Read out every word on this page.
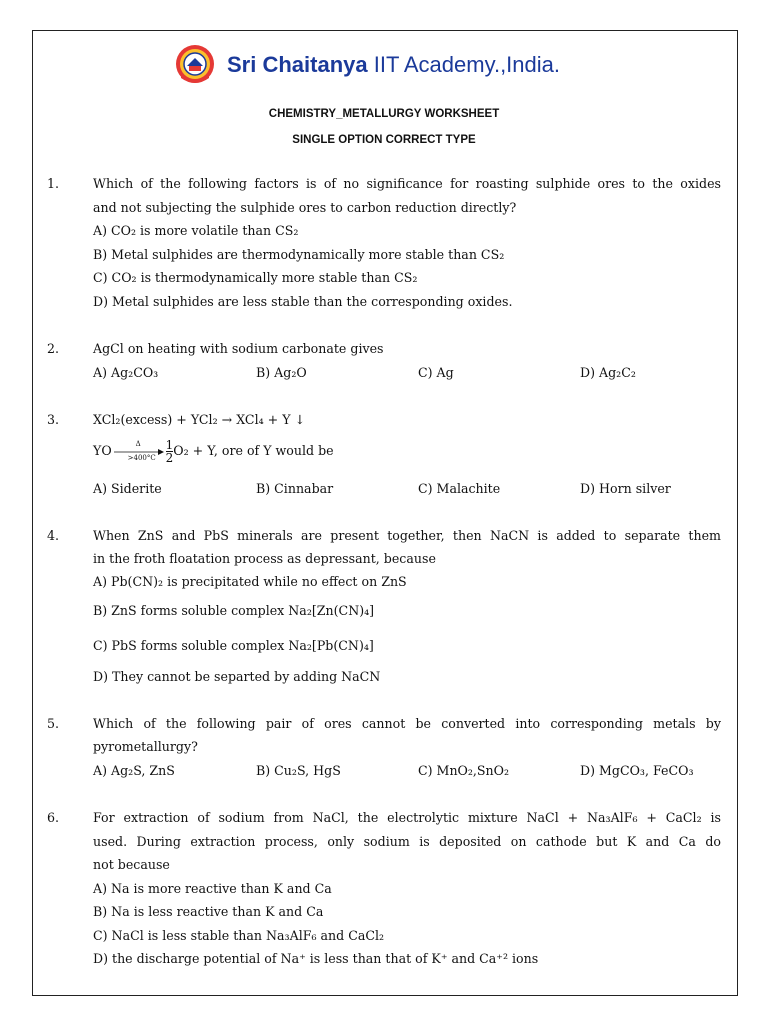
Sri Chaitanya IIT Academy.,India.
CHEMISTRY_METALLURGY WORKSHEET
SINGLE OPTION CORRECT TYPE
1.	Which of the following factors is of no significance for roasting sulphide ores to the oxides
and not subjecting the sulphide ores to carbon reduction directly?
A) CO₂ is more volatile than CS₂
B) Metal sulphides are thermodynamically more stable than CS₂
C) CO₂ is thermodynamically more stable than CS₂
D) Metal sulphides are less stable than the corresponding oxides.
2.	AgCl on heating with sodium carbonate gives
A) Ag₂CO₃	B) Ag₂O	C) Ag	D) Ag₂C₂
3.	XCl₂(excess) + YCl₂ → XCl₄ + Y ↓
YO	Δ
$>400^\circ C \frac{1}{2}O_2 + Y$, ore of Y would be
A) Siderite	B) Cinnabar	C) Malachite	D) Horn silver
4.	When ZnS and PbS minerals are present together, then NaCN is added to separate them
in the froth floatation process as depressant, because
A) Pb(CN)₂ is precipitated while no effect on ZnS
B) ZnS forms soluble complex Na₂[Zn(CN)₄]
C) PbS forms soluble complex Na₂[Pb(CN)₄]
D) They cannot be separted by adding NaCN
5.	Which of the following pair of ores cannot be converted into corresponding metals by
pyrometallurgy?
A) Ag₂S, ZnS	B) Cu₂S, HgS	C) MnO₂,SnO₂	D) MgCO₃, FeCO₃
6.	For extraction of sodium from NaCl, the electrolytic mixture NaCl + Na₃AlF₆ + CaCl₂ is
used. During extraction process, only sodium is deposited on cathode but K and Ca do
not because
A) Na is more reactive than K and Ca
B) Na is less reactive than K and Ca
C) NaCl is less stable than Na₃AlF₆ and CaCl₂
D) the discharge potential of Na⁺ is less than that of K⁺ and Ca⁺² ions
